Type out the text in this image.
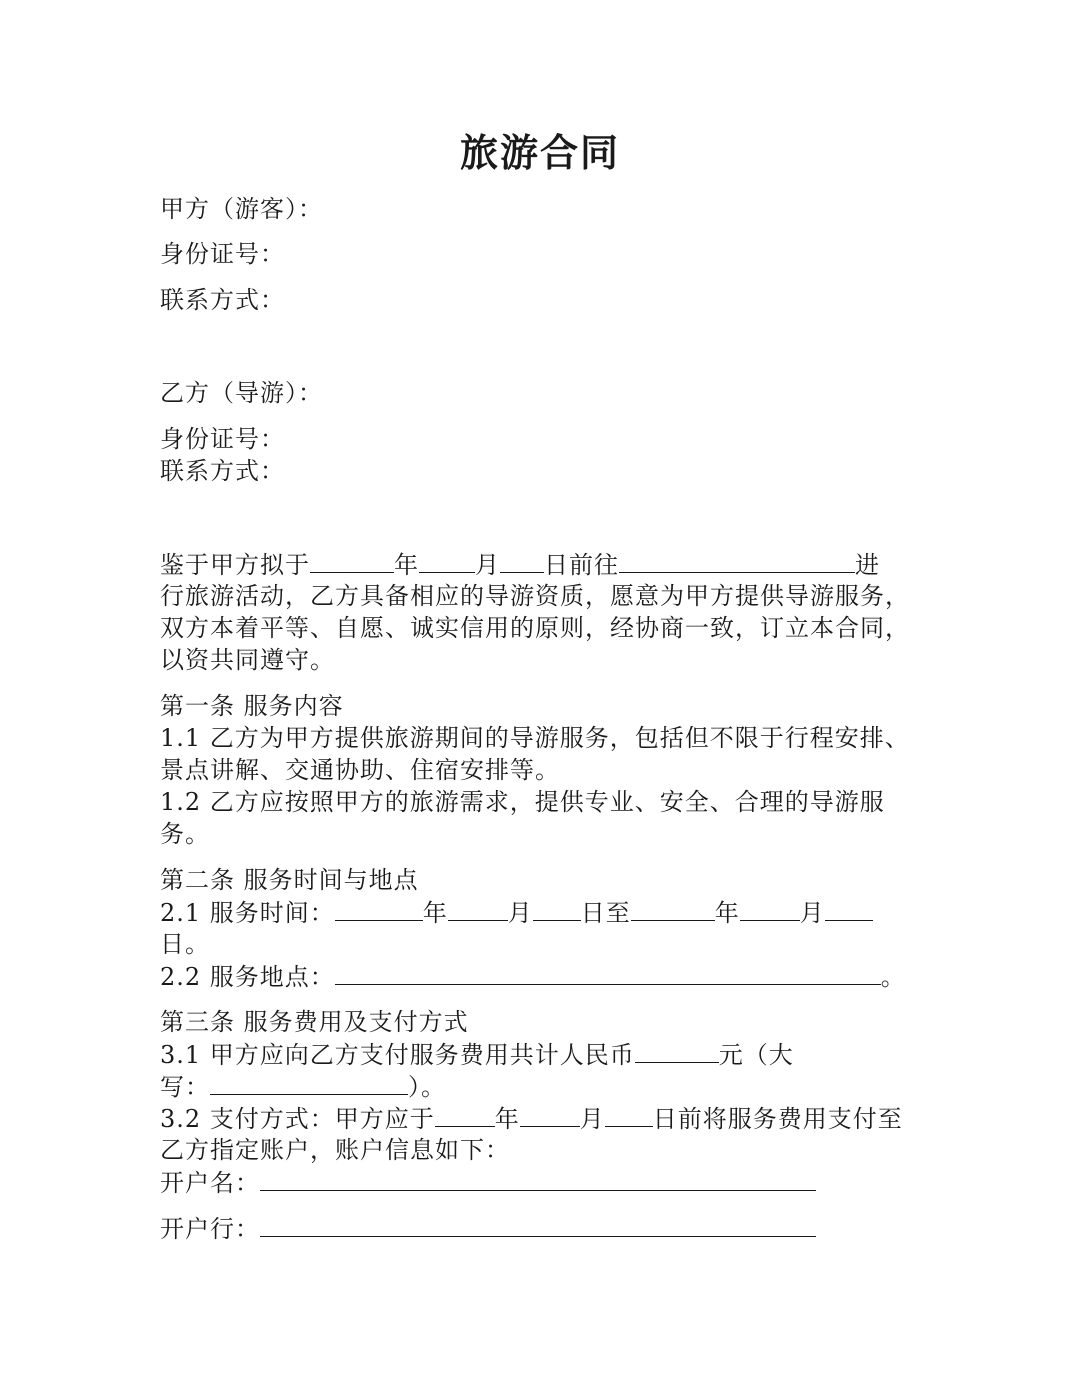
旅游合同
甲方（游客）：
身份证号：
联系方式：
乙方（导游）：
身份证号：
联系方式：
鉴于甲方拟于	年 月 日前往	进
行旅游活动，乙方具备相应的导游资质，愿意为甲方提供导游服务，
双方本着平等、自愿、诚实信用的原则，经协商一致，订立本合同，
以资共同遵守。
第一条 服务内容
1.1 乙方为甲方提供旅游期间的导游服务，包括但不限于行程安排、
景点讲解、交通协助、住宿安排等。
1.2 乙方应按照甲方的旅游需求，提供专业、安全、合理的导游服
务。
第二条 服务时间与地点
2.1 服务时间：	年	月 日至	年	月
日。
2.2 服务地点：	。
第三条 服务费用及支付方式
3.1 甲方应向乙方支付服务费用共计人民币	元（大
写：	）。
3.2 支付方式：甲方应于	年	月 日前将服务费用支付至
乙方指定账户，账户信息如下：
开户名：
开户行：
